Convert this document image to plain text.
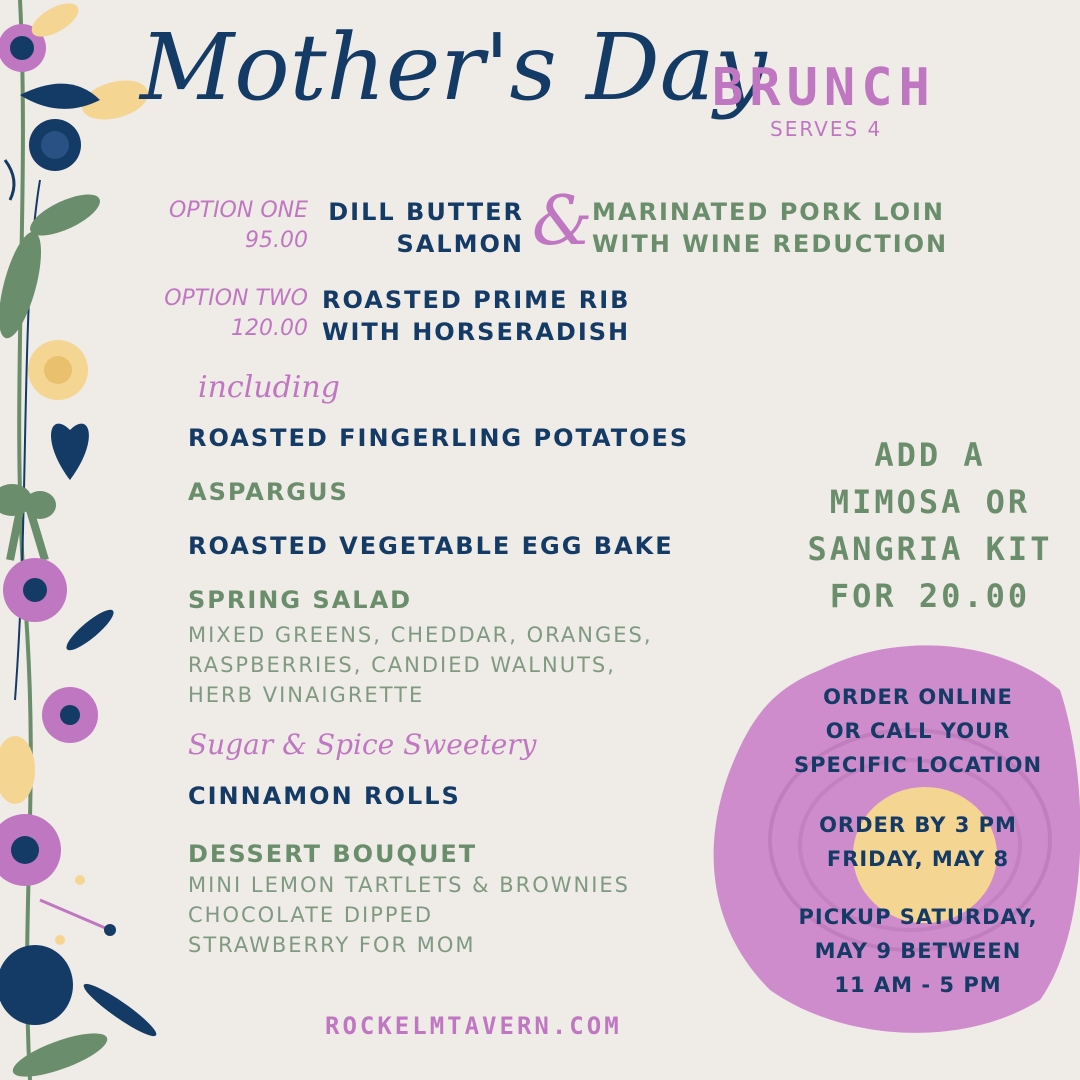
Mother's Day
BRUNCH
SERVES 4
OPTION ONE
95.00
DILL BUTTER
SALMON & MARINATED PORK LOIN
WITH WINE REDUCTION
OPTION TWO
120.00
ROASTED PRIME RIB
WITH HORSERADISH
including
ROASTED FINGERLING POTATOES
ASPARGUS
ROASTED VEGETABLE EGG BAKE
SPRING SALAD
MIXED GREENS, CHEDDAR, ORANGES,
RASPBERRIES, CANDIED WALNUTS,
HERB VINAIGRETTE
Sugar & Spice Sweetery
CINNAMON ROLLS
DESSERT BOUQUET
MINI LEMON TARTLETS & BROWNIES
CHOCOLATE DIPPED
STRAWBERRY FOR MOM
ADD A
MIMOSA OR
SANGRIA KIT
FOR 20.00
ORDER ONLINE
OR CALL YOUR
SPECIFIC LOCATION
ORDER BY 3 PM
FRIDAY, MAY 8
PICKUP SATURDAY,
MAY 9 BETWEEN
11 AM - 5 PM
ROCKELMTAVERN.COM
